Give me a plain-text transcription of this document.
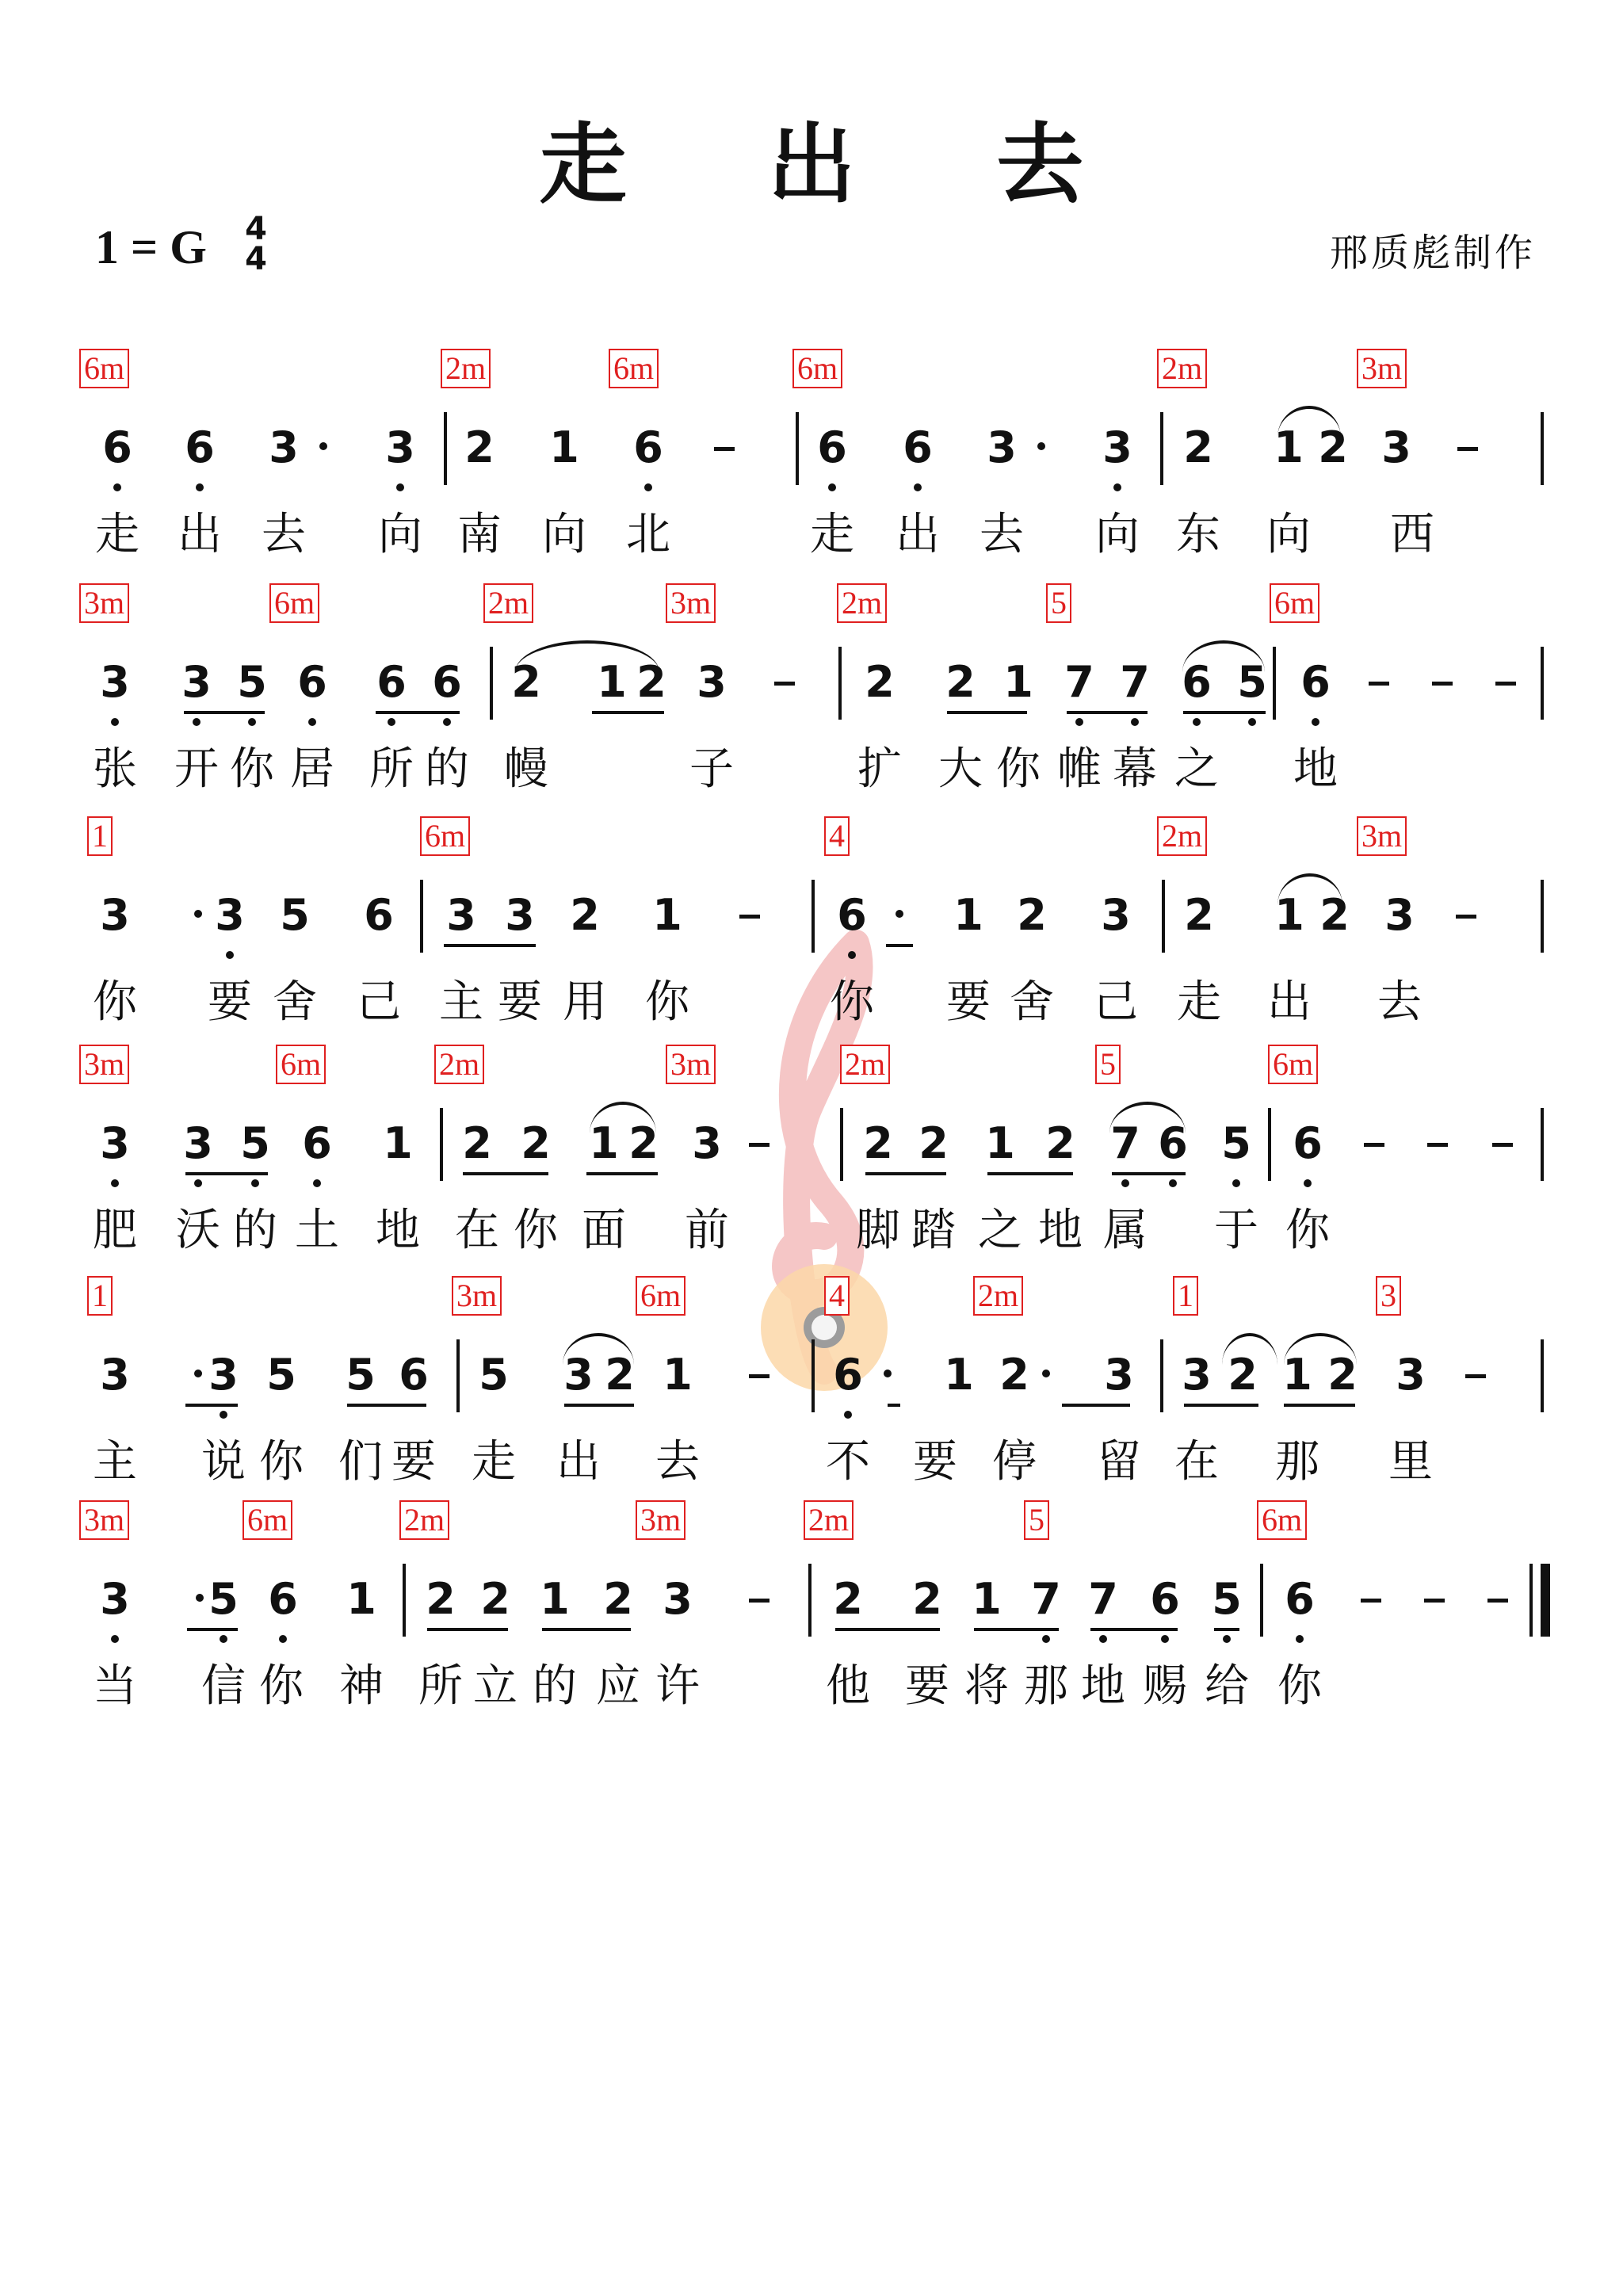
走 出 去
1 = G 4
4	邢质彪制作
6m	2m	6m	6m	2m	3m
6 6 3 3 2 1 6	6 6 3 3 2 1 2 3
走 出 去 向 南 向 北	走 出 去 向 东 向 西
3m	6m	2m	3m	2m	5	6m
3 3 5 6 6 6 2 1 2 3	2 2 1 7 7 6 5 6
张 开 你 居 所 的 幔	子	扩 大 你 帷 幕 之 地
1	6m	4	2m	3m
3 3 5 6 3 3 2 1	6 1 2 3 2 1 2 3
你 要 舍 己 主 要 用 你	你 要 舍 己 走 出 去
3m	6m	2m	3m	2m	5	6m
3 3 5 6 1 2 2 1 2 3	2 2 1 2 7 6 5 6
肥 沃 的 土 地 在 你 面 前	脚 踏 之 地 属 于 你
1	3m	6m	4	2m	1	3
3 3 5 5 6 5 3 2 1	6 1 2 3 3 2 1 2 3
主 说 你 们 要 走 出 去	不 要 停 留 在 那 里
3m	6m	2m	3m	2m	5	6m
3 5 6 1 2 2 1 2 3	2 2 1 7 7 6 5 6
当 信 你 神 所 立 的 应 许	他 要 将 那 地 赐 给 你
